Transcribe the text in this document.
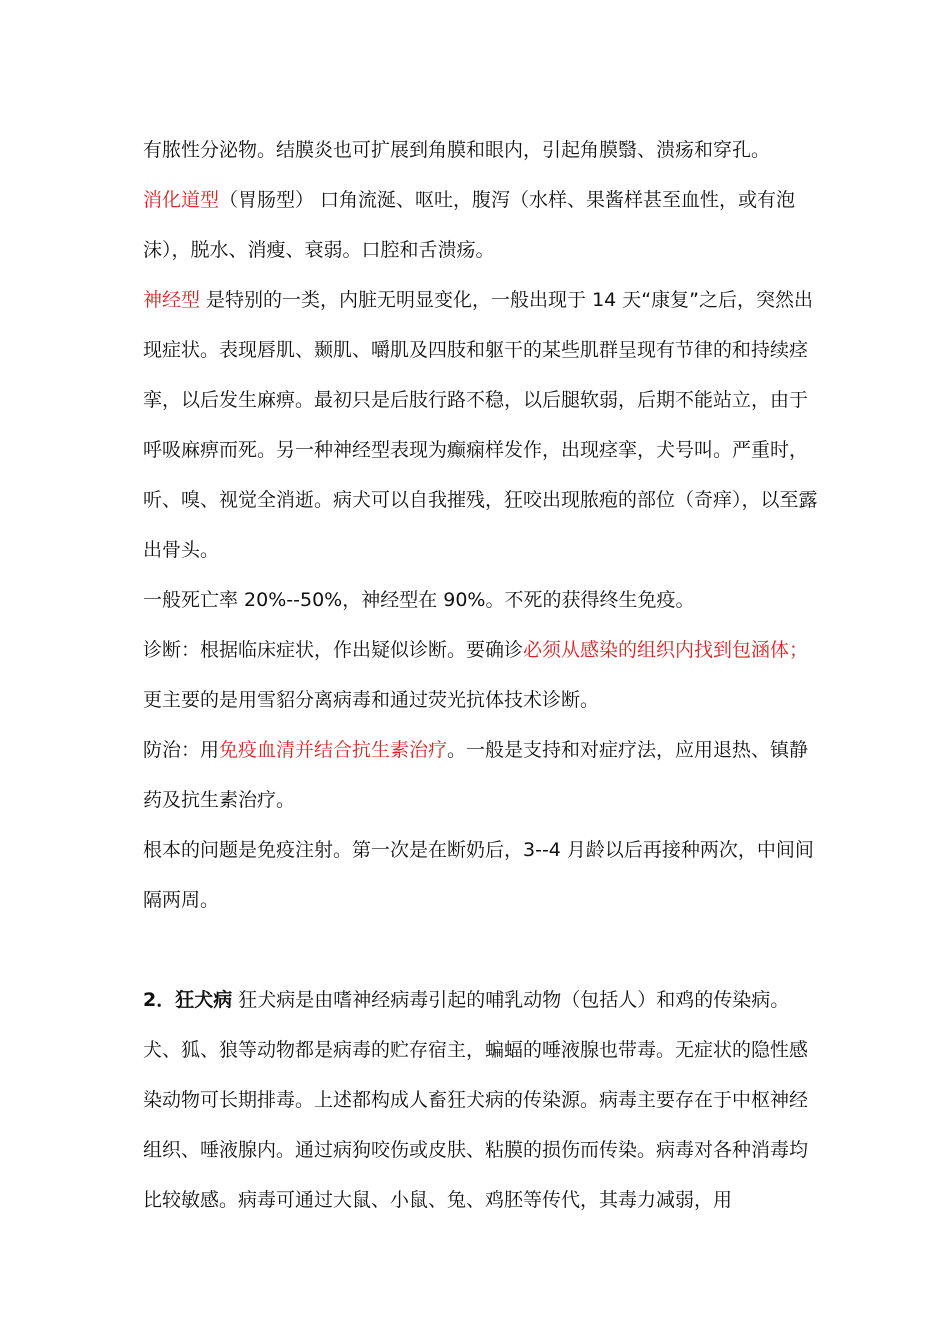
有脓性分泌物。结膜炎也可扩展到角膜和眼内，引起角膜翳、溃疡和穿孔。

消化道型（胃肠型） 口角流涎、呕吐，腹泻（水样、果酱样甚至血性，或有泡沫），脱水、消瘦、衰弱。口腔和舌溃疡。

神经型 是特别的一类，内脏无明显变化，一般出现于 14 天“康复”之后，突然出现症状。表现唇肌、颞肌、嚼肌及四肢和躯干的某些肌群呈现有节律的和持续痉挛，以后发生麻痹。最初只是后肢行路不稳，以后腿软弱，后期不能站立，由于呼吸麻痹而死。另一种神经型表现为癫痫样发作，出现痉挛，犬号叫。严重时，听、嗅、视觉全消逝。病犬可以自我摧残，狂咬出现脓疱的部位（奇痒），以至露出骨头。

一般死亡率 20%--50%，神经型在 90%。不死的获得终生免疫。

诊断：根据临床症状，作出疑似诊断。要确诊必须从感染的组织内找到包涵体；更主要的是用雪貂分离病毒和通过荧光抗体技术诊断。

防治：用免疫血清并结合抗生素治疗。一般是支持和对症疗法，应用退热、镇静药及抗生素治疗。

根本的问题是免疫注射。第一次是在断奶后，3--4 月龄以后再接种两次，中间间隔两周。

2．狂犬病 狂犬病是由嗜神经病毒引起的哺乳动物（包括人）和鸡的传染病。犬、狐、狼等动物都是病毒的贮存宿主，蝙蝠的唾液腺也带毒。无症状的隐性感染动物可长期排毒。上述都构成人畜狂犬病的传染源。病毒主要存在于中枢神经组织、唾液腺内。通过病狗咬伤或皮肤、粘膜的损伤而传染。病毒对各种消毒均比较敏感。病毒可通过大鼠、小鼠、兔、鸡胚等传代，其毒力减弱，用
